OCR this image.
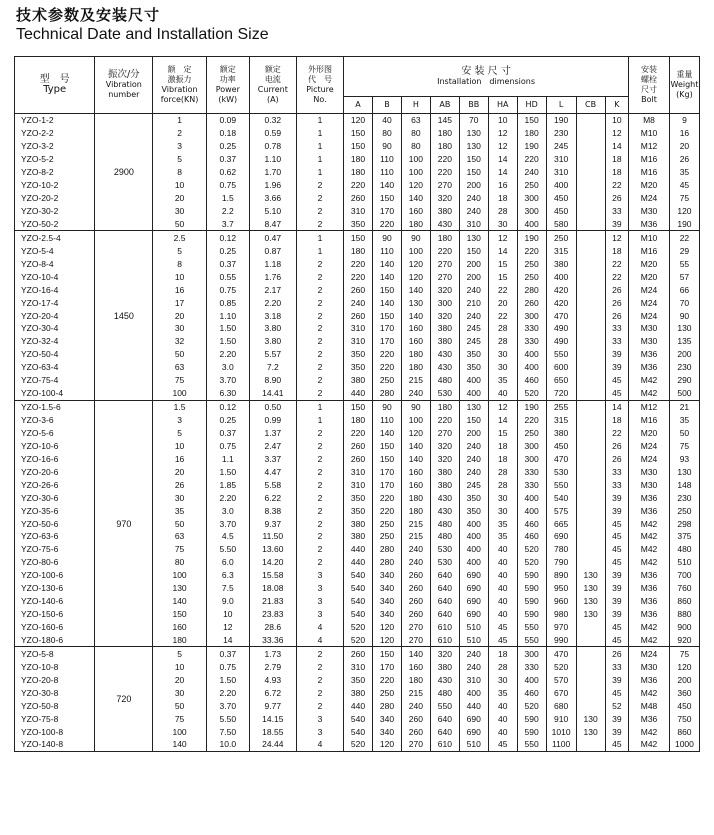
技术参数及安装尺寸
Technical Date and Installation Size
型　号
Type	振次/分
Vibration
number	额　定
激振力
Vibration
force(KN)	额定
功率
Power
(kW)	额定
电流
Current
(A)	外形图
代　号
Picture
No.	安 装 尺 寸
Installation　dimensions										安装
螺栓
尺寸
Bolt	重量
Weight
(Kg)
						A	B	H	AB	BB	HA	HD	L	CB	K		
YZO-1-2	2900	1	0.09	0.32	1	120	40	63	145	70	10	150	190		10	M8	9
YZO-2-2		2	0.18	0.59	1	150	80	80	180	130	12	180	230		12	M10	16
YZO-3-2		3	0.25	0.78	1	150	90	80	180	130	12	190	245		14	M12	20
YZO-5-2		5	0.37	1.10	1	180	110	100	220	150	14	220	310		18	M16	26
YZO-8-2		8	0.62	1.70	1	180	110	100	220	150	14	240	310		18	M16	35
YZO-10-2		10	0.75	1.96	2	220	140	120	270	200	16	250	400		22	M20	45
YZO-20-2		20	1.5	3.66	2	260	150	140	320	240	18	300	450		26	M24	75
YZO-30-2		30	2.2	5.10	2	310	170	160	380	240	28	300	450		33	M30	120
YZO-50-2		50	3.7	8.47	2	350	220	180	430	310	30	400	580		39	M36	190
YZO-2.5-4	1450	2.5	0.12	0.47	1	150	90	90	180	130	12	190	250		12	M10	22
YZO-5-4		5	0.25	0.87	1	180	110	100	220	150	14	220	315		18	M16	29
YZO-8-4		8	0.37	1.18	2	220	140	120	270	200	15	250	380		22	M20	55
YZO-10-4		10	0.55	1.76	2	220	140	120	270	200	15	250	400		22	M20	57
YZO-16-4		16	0.75	2.17	2	260	150	140	320	240	22	280	420		26	M24	66
YZO-17-4		17	0.85	2.20	2	240	140	130	300	210	20	260	420		26	M24	70
YZO-20-4		20	1.10	3.18	2	260	150	140	320	240	22	300	470		26	M24	90
YZO-30-4		30	1.50	3.80	2	310	170	160	380	245	28	330	490		33	M30	130
YZO-32-4		32	1.50	3.80	2	310	170	160	380	245	28	330	490		33	M30	135
YZO-50-4		50	2.20	5.57	2	350	220	180	430	350	30	400	550		39	M36	200
YZO-63-4		63	3.0	7.2	2	350	220	180	430	350	30	400	600		39	M36	230
YZO-75-4		75	3.70	8.90	2	380	250	215	480	400	35	460	650		45	M42	290
YZO-100-4		100	6.30	14.41	2	440	280	240	530	400	40	520	720		45	M42	500
YZO-1.5-6	970	1.5	0.12	0.50	1	150	90	90	180	130	12	190	255		14	M12	21
YZO-3-6		3	0.25	0.99	1	180	110	100	220	150	14	220	315		18	M16	35
YZO-5-6		5	0.37	1.37	2	220	140	120	270	200	15	250	380		22	M20	50
YZO-10-6		10	0.75	2.47	2	260	150	140	320	240	18	300	450		26	M24	75
YZO-16-6		16	1.1	3.37	2	260	150	140	320	240	18	300	470		26	M24	93
YZO-20-6		20	1.50	4.47	2	310	170	160	380	240	28	330	530		33	M30	130
YZO-26-6		26	1.85	5.58	2	310	170	160	380	245	28	330	550		33	M30	148
YZO-30-6		30	2.20	6.22	2	350	220	180	430	350	30	400	540		39	M36	230
YZO-35-6		35	3.0	8.38	2	350	220	180	430	350	30	400	575		39	M36	250
YZO-50-6		50	3.70	9.37	2	380	250	215	480	400	35	460	665		45	M42	298
YZO-63-6		63	4.5	11.50	2	380	250	215	480	400	35	460	690		45	M42	375
YZO-75-6		75	5.50	13.60	2	440	280	240	530	400	40	520	780		45	M42	480
YZO-80-6		80	6.0	14.20	2	440	280	240	530	400	40	520	790		45	M42	510
YZO-100-6		100	6.3	15.58	3	540	340	260	640	690	40	590	890	130	39	M36	700
YZO-130-6		130	7.5	18.08	3	540	340	260	640	690	40	590	950	130	39	M36	760
YZO-140-6		140	9.0	21.83	3	540	340	260	640	690	40	590	960	130	39	M36	860
YZO-150-6		150	10	23.83	3	540	340	260	640	690	40	590	980	130	39	M36	880
YZO-160-6		160	12	28.6	4	520	120	270	610	510	45	550	970		45	M42	900
YZO-180-6		180	14	33.36	4	520	120	270	610	510	45	550	990		45	M42	920
YZO-5-8	720	5	0.37	1.73	2	260	150	140	320	240	18	300	470		26	M24	75
YZO-10-8		10	0.75	2.79	2	310	170	160	380	240	28	330	520		33	M30	120
YZO-20-8		20	1.50	4.93	2	350	220	180	430	310	30	400	570		39	M36	200
YZO-30-8		30	2.20	6.72	2	380	250	215	480	400	35	460	670		45	M42	360
YZO-50-8		50	3.70	9.77	2	440	280	240	550	440	40	520	680		52	M48	450
YZO-75-8		75	5.50	14.15	3	540	340	260	640	690	40	590	910	130	39	M36	750
YZO-100-8		100	7.50	18.55	3	540	340	260	640	690	40	590	1010	130	39	M42	860
YZO-140-8		140	10.0	24.44	4	520	120	270	610	510	45	550	1100		45	M42	1000
